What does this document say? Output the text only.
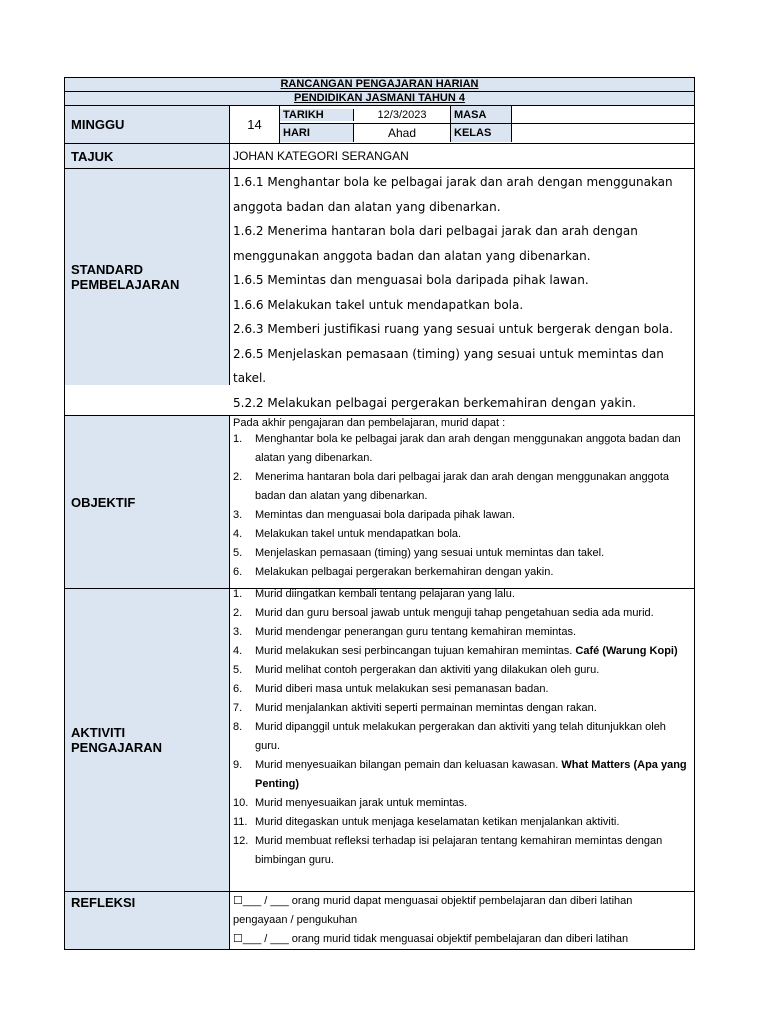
RANCANGAN PENGAJARAN HARIAN
PENDIDIKAN JASMANI TAHUN 4
MINGGU	14
TARIKH	12/3/2023	MASA
HARI	Ahad	KELAS
TAJUK	JOHAN KATEGORI SERANGAN
STANDARD PEMBELAJARAN

1.6.1 Menghantar bola ke pelbagai jarak dan arah dengan menggunakan

anggota badan dan alatan yang dibenarkan.

1.6.2 Menerima hantaran bola dari pelbagai jarak dan arah dengan

menggunakan anggota badan dan alatan yang dibenarkan.

1.6.5 Memintas dan menguasai bola daripada pihak lawan.

1.6.6 Melakukan takel untuk mendapatkan bola.

2.6.3 Memberi justifikasi ruang yang sesuai untuk bergerak dengan bola.

2.6.5 Menjelaskan pemasaan (timing) yang sesuai untuk memintas dan takel.

5.2.2 Melakukan pelbagai pergerakan berkemahiran dengan yakin.

OBJEKTIF
Pada akhir pengajaran dan pembelajaran, murid dapat :
1.	Menghantar bola ke pelbagai jarak dan arah dengan menggunakan anggota badan dan alatan yang dibenarkan.
2.	Menerima hantaran bola dari pelbagai jarak dan arah dengan menggunakan anggota badan dan alatan yang dibenarkan.
3.	Memintas dan menguasai bola daripada pihak lawan.
4.	Melakukan takel untuk mendapatkan bola.
5.	Menjelaskan pemasaan (timing) yang sesuai untuk memintas dan takel.
6.	Melakukan pelbagai pergerakan berkemahiran dengan yakin.
AKTIVITI PENGAJARAN
1.	Murid diingatkan kembali tentang pelajaran yang lalu.
2.	Murid dan guru bersoal jawab untuk menguji tahap pengetahuan sedia ada murid.
3.	Murid mendengar penerangan guru tentang kemahiran memintas.
4.	Murid melakukan sesi perbincangan tujuan kemahiran memintas. Café (Warung Kopi)
5.	Murid melihat contoh pergerakan dan aktiviti yang dilakukan oleh guru.
6.	Murid diberi masa untuk melakukan sesi pemanasan badan.
7.	Murid menjalankan aktiviti seperti permainan memintas dengan rakan.
8.	Murid dipanggil untuk melakukan pergerakan dan aktiviti yang telah ditunjukkan oleh guru.
9.	Murid menyesuaikan bilangan pemain dan keluasan kawasan. What Matters (Apa yang Penting)
10. Murid menyesuaikan jarak untuk memintas.
11. Murid ditegaskan untuk menjaga keselamatan ketikan menjalankan aktiviti.
12. Murid membuat refleksi terhadap isi pelajaran tentang kemahiran memintas dengan bimbingan guru.
REFLEKSI	☐___ / ___ orang murid dapat menguasai objektif pembelajaran dan diberi latihan
pengayaan / pengukuhan
☐___ / ___ orang murid tidak menguasai objektif pembelajaran dan diberi latihan
